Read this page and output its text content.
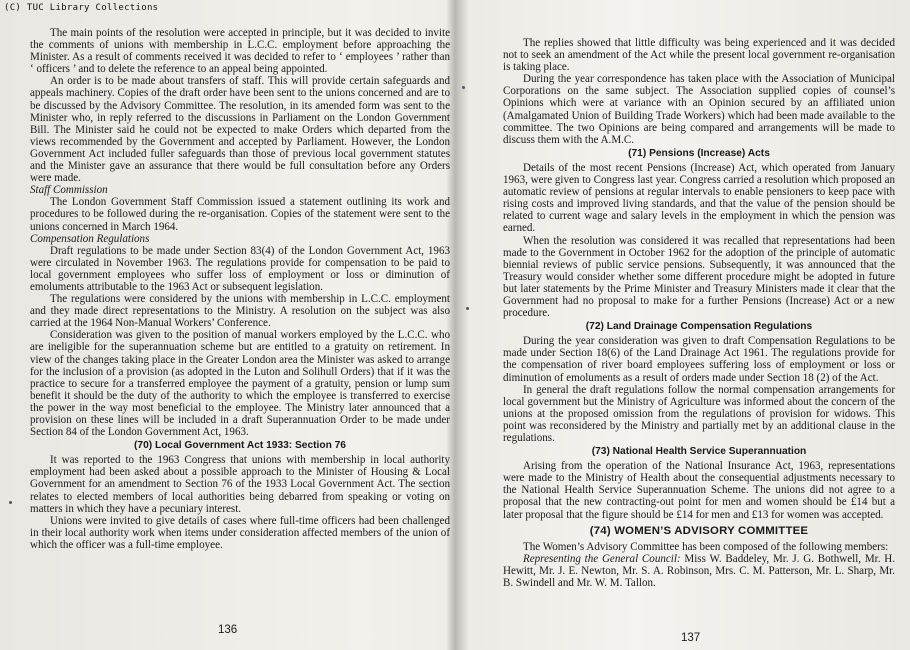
(C) TUC Library Collections

The main points of the resolution were accepted in principle, but it was decided to invite the comments of unions with membership in L.C.C. employment before approaching the Minister. As a result of comments received it was decided to refer to ‘ employees ’ rather than ‘ officers ’ and to delete the reference to an appeal being appointed.

An order is to be made about transfers of staff. This will provide certain safeguards and appeals machinery. Copies of the draft order have been sent to the unions concerned and are to be discussed by the Advisory Committee. The resolution, in its amended form was sent to the Minister who, in reply referred to the discussions in Parliament on the London Government Bill. The Minister said he could not be expected to make Orders which departed from the views recommended by the Government and accepted by Parliament. However, the London Government Act included fuller safeguards than those of previous local government statutes and the Minister gave an assurance that there would be full consultation before any Orders were made.

Staff Commission

The London Government Staff Commission issued a statement outlining its work and procedures to be followed during the re-organisation. Copies of the statement were sent to the unions concerned in March 1964.

Compensation Regulations

Draft regulations to be made under Section 83(4) of the London Government Act, 1963 were circulated in November 1963. The regulations provide for compensation to be paid to local government employees who suffer loss of employment or loss or diminution of emoluments attributable to the 1963 Act or subsequent legislation.

The regulations were considered by the unions with membership in L.C.C. employment and they made direct representations to the Ministry. A resolution on the subject was also carried at the 1964 Non-Manual Workers’ Conference.

Consideration was given to the position of manual workers employed by the L.C.C. who are ineligible for the superannuation scheme but are entitled to a gratuity on retirement. In view of the changes taking place in the Greater London area the Minister was asked to arrange for the inclusion of a provision (as adopted in the Luton and Solihull Orders) that if it was the practice to secure for a transferred employee the payment of a gratuity, pension or lump sum benefit it should be the duty of the authority to which the employee is transferred to exercise the power in the way most beneficial to the employee. The Ministry later announced that a provision on these lines will be included in a draft Superannuation Order to be made under Section 84 of the London Government Act, 1963.

(70) Local Government Act 1933: Section 76

It was reported to the 1963 Congress that unions with membership in local authority employment had been asked about a possible approach to the Minister of Housing & Local Government for an amendment to Section 76 of the 1933 Local Government Act. The section relates to elected members of local authorities being debarred from speaking or voting on matters in which they have a pecuniary interest.

Unions were invited to give details of cases where full-time officers had been challenged in their local authority work when items under consideration affected members of the union of which the officer was a full-time employee.

136

The replies showed that little difficulty was being experienced and it was decided not to seek an amendment of the Act while the present local government re-organisation is taking place.

During the year correspondence has taken place with the Association of Municipal Corporations on the same subject. The Association supplied copies of counsel’s Opinions which were at variance with an Opinion secured by an affiliated union (Amalgamated Union of Building Trade Workers) which had been made available to the committee. The two Opinions are being compared and arrangements will be made to discuss them with the A.M.C.

(71) Pensions (Increase) Acts

Details of the most recent Pensions (Increase) Act, which operated from January 1963, were given to Congress last year. Congress carried a resolution which proposed an automatic review of pensions at regular intervals to enable pensioners to keep pace with rising costs and improved living standards, and that the value of the pension should be related to current wage and salary levels in the employment in which the pension was earned.

When the resolution was considered it was recalled that representations had been made to the Government in October 1962 for the adoption of the principle of automatic biennial reviews of public service pensions. Subsequently, it was announced that the Treasury would consider whether some different procedure might be adopted in future but later statements by the Prime Minister and Treasury Ministers made it clear that the Government had no proposal to make for a further Pensions (Increase) Act or a new procedure.

(72) Land Drainage Compensation Regulations

During the year consideration was given to draft Compensation Regulations to be made under Section 18(6) of the Land Drainage Act 1961. The regulations provide for the compensation of river board employees suffering loss of employment or loss or diminution of emoluments as a result of orders made under Section 18 (2) of the Act.

In general the draft regulations follow the normal compensation arrangements for local government but the Ministry of Agriculture was informed about the concern of the unions at the proposed omission from the regulations of provision for widows. This point was reconsidered by the Ministry and partially met by an additional clause in the regulations.

(73) National Health Service Superannuation

Arising from the operation of the National Insurance Act, 1963, representations were made to the Ministry of Health about the consequential adjustments necessary to the National Health Service Superannuation Scheme. The unions did not agree to a proposal that the new contracting-out point for men and women should be £14 but a later proposal that the figure should be £14 for men and £13 for women was accepted.

(74) WOMEN’S ADVISORY COMMITTEE

The Women’s Advisory Committee has been composed of the following members:

Representing the General Council: Miss W. Baddeley, Mr. J. G. Bothwell, Mr. H. Hewitt, Mr. J. E. Newton, Mr. S. A. Robinson, Mrs. C. M. Patterson, Mr. L. Sharp, Mr. B. Swindell and Mr. W. M. Tallon.

137
